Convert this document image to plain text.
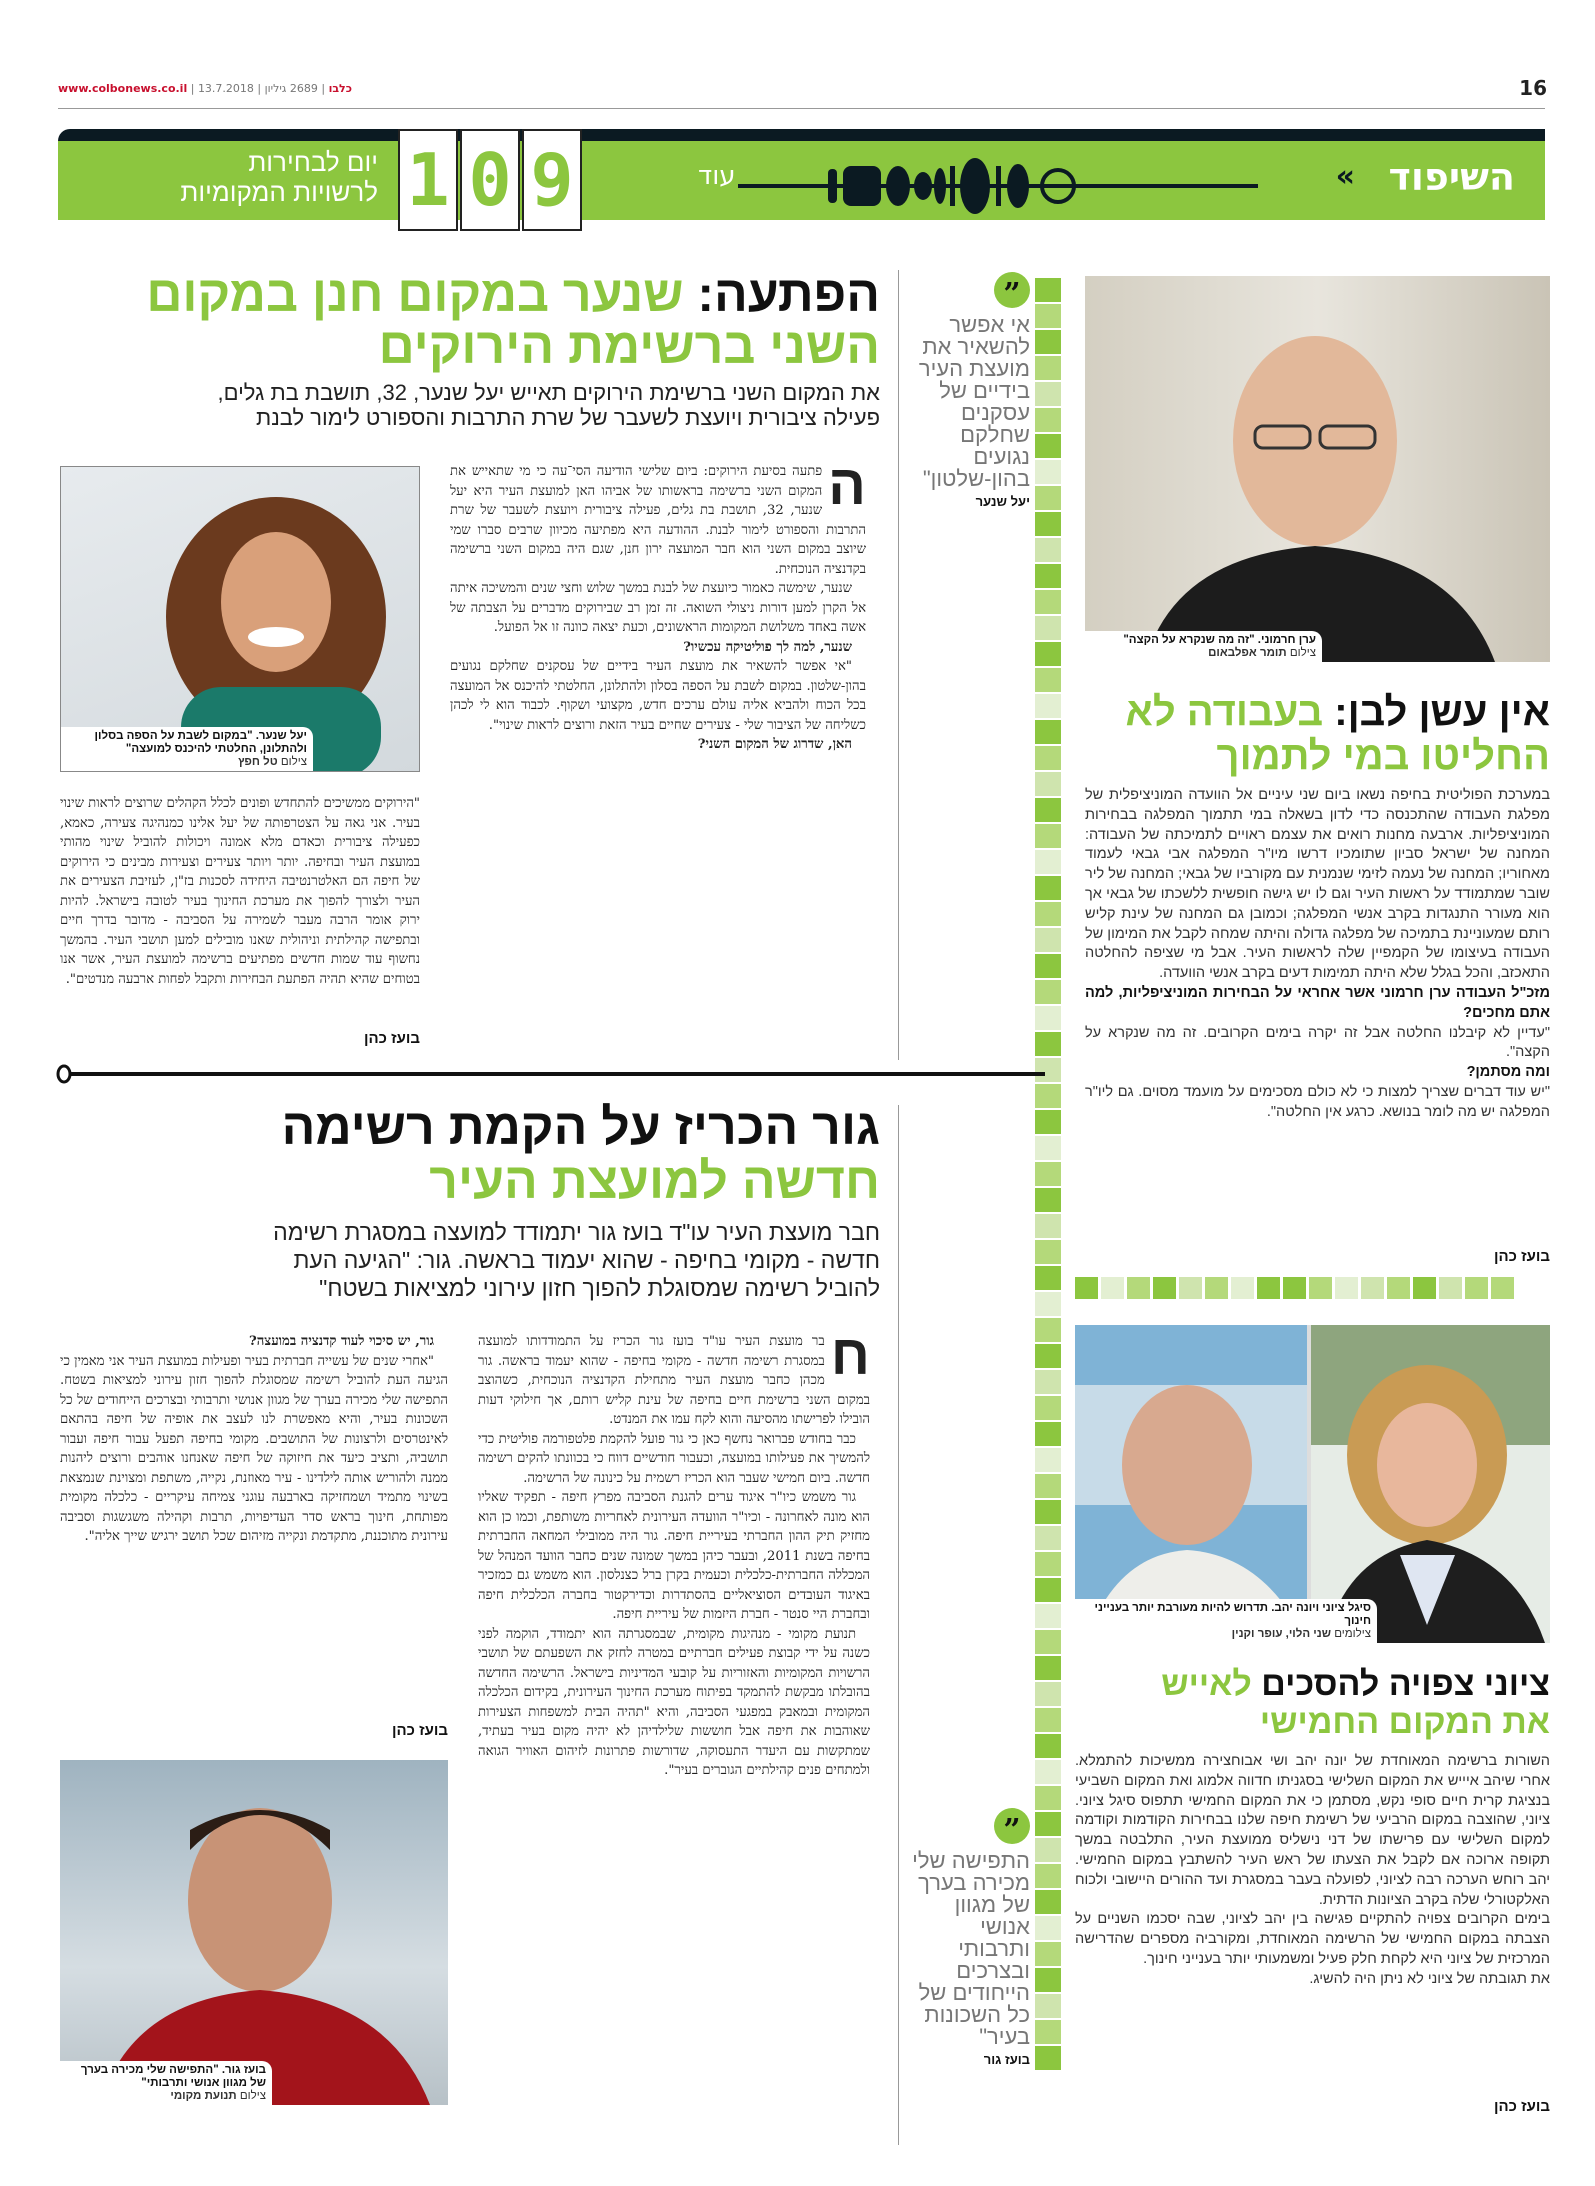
www.colbonews.co.il |	כלבו | 2689 גיליון | 13.7.2018	16
יום לבחירות
לרשויות המקומיות 1 0 9	עוד	« השיפוד
הפתעה: שנער במקום חנן במקום
השני ברשימת הירוקים
את המקום השני ברשימת הירוקים תאייש יעל שנער, 32, תושבת בת גלים,
פעילה ציבורית ויועצת לשעבר של שרת התרבות והספורט לימור לבנת
יעל שנער. "במקום לשבת על הספה בסלון ולהתלונן, החלטתי להיכנס למועצה"
צילום טל חפץ
ה

פתעה בסיעת הירוקים: ביום שלישי הודיעה הסי־עה כי מי שתאייש את המקום השני ברשימה בראשותו של אביהו האן למועצת העיר היא יעל שנער, 32, תושבת בת גלים, פעילה ציבורית ויועצת לשעבר של שרת התרבות והספורט לימור לבנת. ההודעה היא מפתיעה מכיוון שרבים סברו שמי שיוצב במקום השני הוא חבר המועצה ירון חנן, שגם היה במקום השני ברשימה בקדנציה הנוכחית.

שנער, שימשה כאמור כיועצת של לבנת במשך שלוש וחצי שנים והמשיכה איתה אל הקרן למען דורות ניצולי השואה. זה זמן רב שבירוקים מדברים על הצבתה של אשה באחד משלושת המקומות הראשונים, וכעת יצאה כוונה זו אל הפועל.

שנער, למה לך פוליטיקה עכשיו?

"אי אפשר להשאיר את מועצת העיר בידיים של עסקנים שחלקם נגועים בהון-שלטון. במקום לשבת על הספה בסלון ולהתלונן, החלטתי להיכנס אל המועצה בכל הכוח ולהביא אליה עולם ערכים חדש, מקצועי ושקוף. לכבוד הוא לי לכהן כשליחה של הציבור שלי - צעירים שחיים בעיר הזאת ורוצים לראות שינוי".

האן, שדרוג של המקום השני?

"הירוקים ממשיכים להתחדש ופונים לכלל הקהלים שרוצים לראות שינוי בעיר. אני גאה על הצטרפותה של יעל אלינו כמנהיגה צעירה, כאמא, כפעילה ציבורית וכאדם מלא אמונה ויכולות להוביל שינוי מהותי במועצת העיר ובחיפה. יותר ויותר צעירים וצעירות מבינים כי הירוקים של חיפה הם האלטרנטיבה היחידה לסכנות בז"ן, לעזיבת הצעירים את העיר ולצורך להפוך את מערכת החינוך בעיר לטובה בישראל. להיות ירוק אומר הרבה מעבר לשמירה על הסביבה - מדובר בדרך חיים ובתפישה קהילתית וניהולית שאנו מובילים למען תושבי העיר. בהמשך נחשוף עוד שמות חדשים מפתיעים ברשימה למועצת העיר, אשר אנו בטוחים שהיא תהיה הפתעת הבחירות ותקבל לפחות ארבעה מנדטים".

בועז כהן
”
אי אפשר להשאיר את מועצת העיר בידיים של עסקנים שחלקם נגועים בהון-שלטון"
יעל שנער
ערן חרמוני. "זה מה שנקרא על הקצה"
צילום תומר אפלבאום
אין עשן לבן: בעבודה לא החליטו במי לתמוך

במערכת הפוליטית בחיפה נשאו ביום שני עיניים אל הוועדה המוניציפלית של מפלגת העבודה שהתכנסה כדי לדון בשאלה במי תתמוך המפלגה בבחירות המוניציפליות. ארבעה מחנות רואים את עצמם ראויים לתמיכתה של העבודה: המחנה של ישראל סביון שתומכיו דרשו מיו"ר המפלגה אבי גבאי לעמוד מאחוריו; המחנה של נעמה לזימי שנמנית עם מקורביו של גבאי; המחנה של ליר שובר שמתמודד על ראשות העיר וגם לו יש גישה חופשית ללשכתו של גבאי אך הוא מעורר התנגדות בקרב אנשי המפלגה; וכמובן גם המחנה של עינת קליש רותם שמעוניינת בתמיכה של מפלגה גדולה והיתה שמחה לקבל את המימון של העבודה בעיצומו של הקמפיין שלה לראשות העיר. אבל מי שציפה להחלטה התאכזב, והכל בגלל שלא היתה תמימות דעים בקרב אנשי הוועדה.

מזכ"ל העבודה ערן חרמוני אשר אחראי על הבחירות המוניציפליות, למה אתם מחכים?

"עדיין לא קיבלנו החלטה אבל זה יקרה בימים הקרובים. זה מה שנקרא על הקצה".

ומה מסתמן?

"יש עוד דברים שצריך למצות כי לא כולם מסכימים על מועמד מסוים. גם ליו"ר המפלגה יש מה לומר בנושא. כרגע אין החלטה".

בועז כהן
סיגל ציוני ויונה יהב. תדרוש להיות מעורבת יותר בענייני חינוך
צילומים שני הלוי, עופר וקנין
ציוני צפויה להסכים לאייש
את המקום החמישי

השורות ברשימה המאוחדת של יונה יהב ושי אבוחצירה ממשיכות להתמלא. אחרי שיהב איייש את המקום השלישי בסגניתו חדווה אלמוג ואת המקום השביעי בנציגת קרית חיים סופי נקש, מסתמן כי את המקום החמישי תתפוס סיגל ציוני. ציוני, שהוצבה במקום הרביעי של רשימת חיפה שלנו בבחירות הקודמות וקודמה למקום השלישי עם פרישתו של דני נישליס ממועצת העיר, התלבטה במשך תקופה ארוכה אם לקבל את הצעתו של ראש העיר להשתבץ במקום החמישי. יהב רוחש הערכה רבה לציוני, לפועלה בעבר במסגרת ועד ההורים היישובי ולכוח האלקטורלי שלה בקרב הציונות הדתית.

בימים הקרובים צפויה להתקיים פגישה בין יהב לציוני, שבה יסכמו השניים על הצבתה במקום החמישי של הרשימה המאוחדת, ומקורביה מספרים שהדרישה המרכזית של ציוני היא לקחת חלק פעיל ומשמעותי יותר בענייני חינוך.

את תגובתה של ציוני לא ניתן היה להשיג.

בועז כהן
גור הכריז על הקמת רשימה
חדשה למועצת העיר
חבר מועצת העיר עו"ד בועז גור יתמודד למועצה במסגרת רשימה
חדשה - מקומי בחיפה - שהוא יעמוד בראשה. גור: "הגיעה העת
להוביל רשימה שמסוגלת להפוך חזון עירוני למציאות בשטח"
ח

בר מועצת העיר עו"ד בועז גור הכריז על התמודדותו למועצה במסגרת רשימה חדשה - מקומי בחיפה - שהוא יעמוד בראשה. גור מכהן כחבר מועצת העיר מתחילת הקדנציה הנוכחית, כשהוצב במקום השני ברשימת חיים בחיפה של עינת קליש רותם, אך חילוקי דעות הובילו לפרישתו מהסיעה והוא לקח עמו את המנדט.

כבר בחודש פברואר נחשף כאן כי גור פועל להקמת פלטפורמה פוליטית כדי להמשיך את פעילותו במועצה, וכעבור חודשיים דווח כי בכוונתו להקים רשימה חדשה. ביום חמישי שעבר הוא הכריז רשמית על כינונה של הרשימה.

גור משמש כיו"ר איגוד ערים להגנת הסביבה מפרץ חיפה - תפקיד שאליו הוא מונה לאחרונה - וכיו"ר הוועדה העירונית לאחריות משותפת, וכמו כן הוא מחזיק תיק ההון החברתי בעיריית חיפה. גור היה ממובילי המחאה החברתית בחיפה בשנת 2011, ובעבר כיהן במשך שמונה שנים כחבר הוועד המנהל של המכללה החברתית-כלכלית וכעמית בקרן ברל כצנלסון. הוא משמש גם כמזכיר באיגוד העובדים הסוציאליים בהסתדרות וכדירקטור בחברה הכלכלית חיפה ובחברת היי סנטר - חברת היזמות של עיריית חיפה.

תנועת מקומי - מנהיגות מקומית, שבמסגרתה הוא יתמודד, הוקמה לפני כשנה על ידי קבוצת פעילים חברתיים במטרה לחזק את השפעתם של תושבי הרשויות המקומיות והאזוריות על קובעי המדיניות בישראל. הרשימה החדשה בהובלתו מבקשת להתמקד בפיתוח מערכת החינוך העירונית, בקידום הכלכלה המקומית ובמאבק במפגעי הסביבה, והיא "תהיה הבית למשפחות הצעירות שאוהבות את חיפה אבל חוששות שלילדיהן לא יהיה מקום בעיר בעתיד, שמתקשות עם היעדר התעסוקה, שדורשות פתרונות לזיהום האוויר הגואה ולמתחים פנים קהילתיים הגוברים בעיר".

גור, יש סיכוי לעוד קדנציה במועצה?

"אחרי שנים של עשייה חברתית בעיר ופעילות במועצת העיר אני מאמין כי הגיעה העת להוביל רשימה שמסוגלת להפוך חזון עירוני למציאות בשטח. התפישה שלי מכירה בערך של מגוון אנושי ותרבותי ובצרכים הייחודים של כל השכונות בעיר, והיא מאפשרת לנו לעצב את אופיה של חיפה בהתאם לאינטרסים ולרצונות של התושבים. מקומי בחיפה תפעל עבור חיפה ועבור תושביה, ותציב כיעד את חיזוקה של חיפה שאנחנו אוהבים ורוצים ליהנות ממנה ולהוריש אותה לילדינו - עיר מאוזנת, נקייה, משתפת ומצוינת שנמצאת בשינוי מתמיד ושמחזיקה בארבעה עוגני צמיחה עיקריים - כלכלה מקומית מפותחת, חינוך בראש סדר העדיפויות, תרבות וקהילה משגשגות וסביבה עירונית מתוכננת, מתקדמת ונקייה מזיהום שכל תושב ירגיש שייך אליה".

בועז כהן
בועז גור. "התפישה שלי מכירה בערך של מגוון אנושי ותרבותי"
צילום תנועת מקומי
”
התפישה שלי מכירה בערך של מגוון אנושי ותרבותי ובצרכים הייחודים של כל השכונות בעיר"
בועז גור
